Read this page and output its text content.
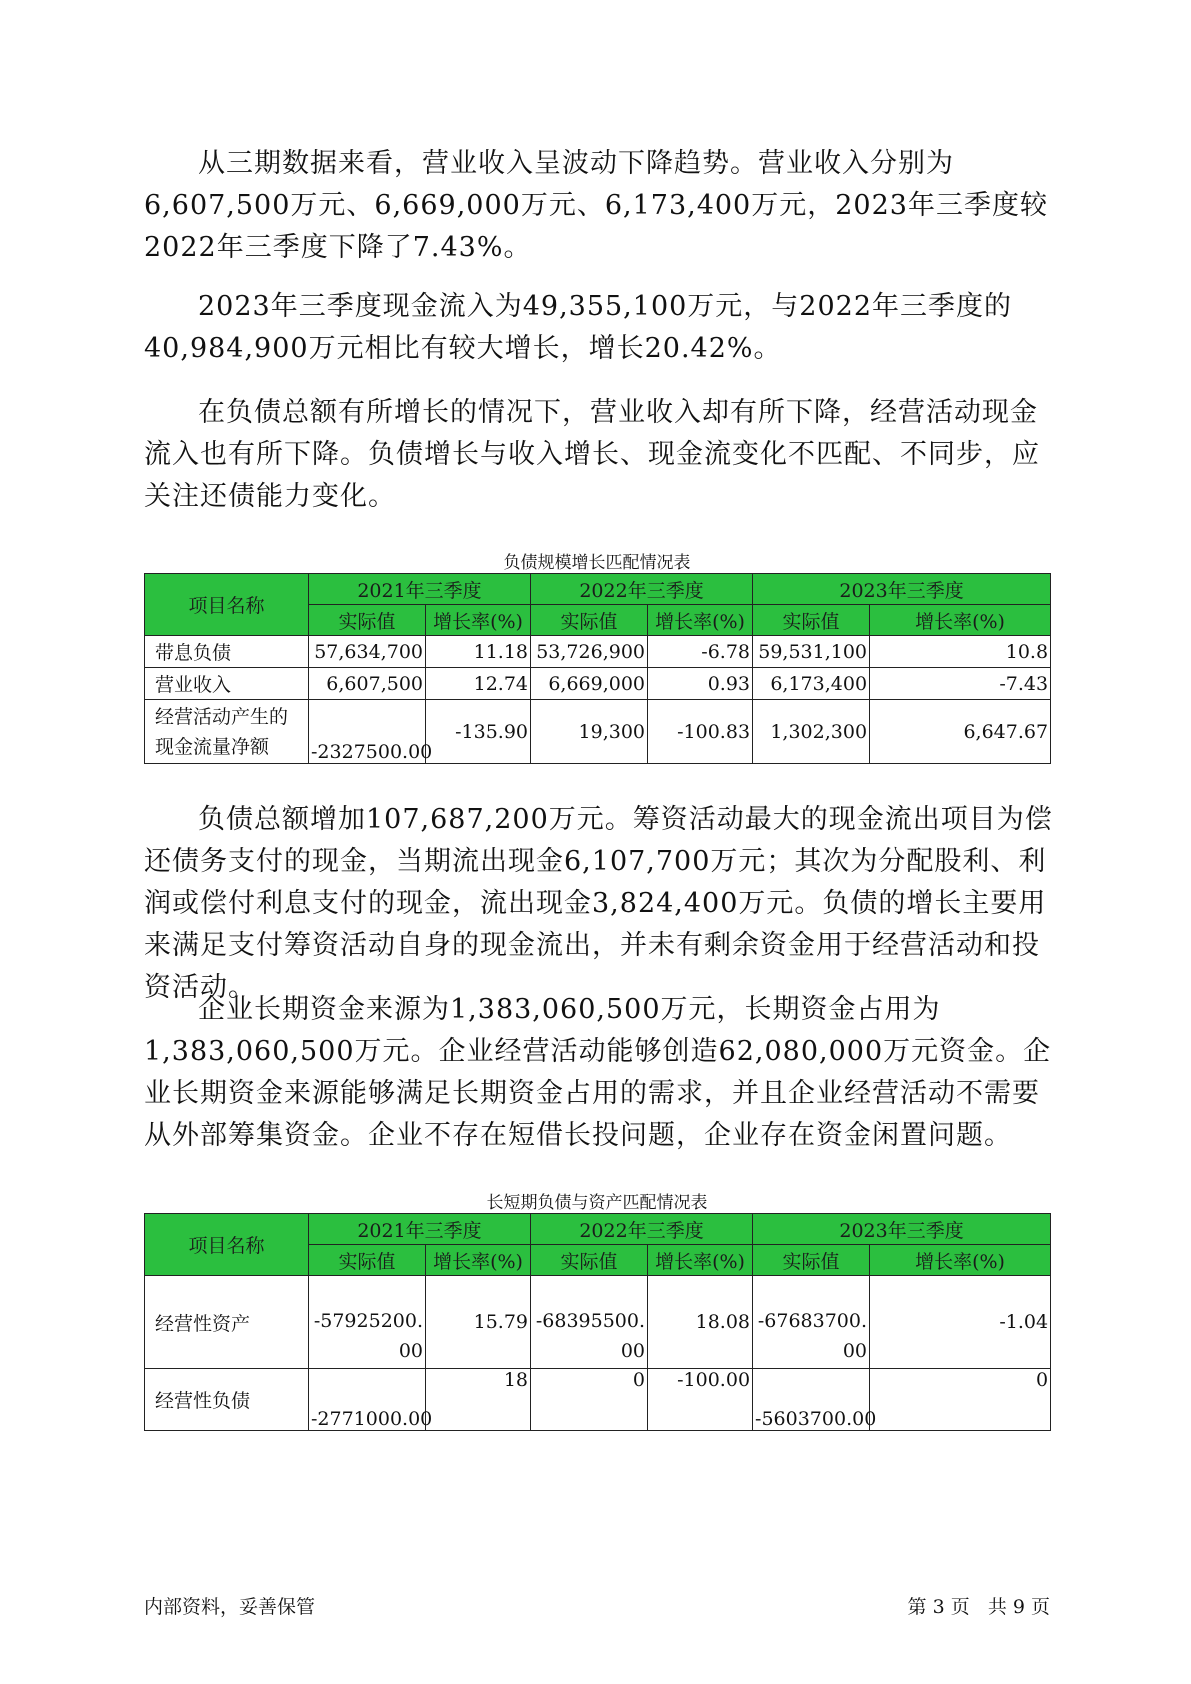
从三期数据来看，营业收入呈波动下降趋势。营业收入分别为6,607,500万元、6,669,000万元、6,173,400万元，2023年三季度较2022年三季度下降了7.43%。

2023年三季度现金流入为49,355,100万元，与2022年三季度的40,984,900万元相比有较大增长，增长20.42%。

在负债总额有所增长的情况下，营业收入却有所下降，经营活动现金流入也有所下降。负债增长与收入增长、现金流变化不匹配、不同步，应关注还债能力变化。

负债规模增长匹配情况表
项目名称	2021年三季度		2022年三季度		2023年三季度	
	实际值	增长率(%)	实际值	增长率(%)	实际值	增长率(%)
带息负债	57,634,700	11.18	53,726,900	-6.78	59,531,100	10.8
营业收入	6,607,500	12.74	6,669,000	0.93	6,173,400	-7.43
经营活动产生的现金流量净额	-2327500.00	-135.90	19,300	-100.83	1,302,300	6,647.67

负债总额增加107,687,200万元。筹资活动最大的现金流出项目为偿还债务支付的现金，当期流出现金6,107,700万元；其次为分配股利、利润或偿付利息支付的现金，流出现金3,824,400万元。负债的增长主要用来满足支付筹资活动自身的现金流出，并未有剩余资金用于经营活动和投资活动。

企业长期资金来源为1,383,060,500万元，长期资金占用为1,383,060,500万元。企业经营活动能够创造62,080,000万元资金。企业长期资金来源能够满足长期资金占用的需求，并且企业经营活动不需要从外部筹集资金。企业不存在短借长投问题，企业存在资金闲置问题。

长短期负债与资产匹配情况表
项目名称	2021年三季度		2022年三季度		2023年三季度	
	实际值	增长率(%)	实际值	增长率(%)	实际值	增长率(%)
经营性资产	-57925200.00	15.79	-68395500.00	18.08	-67683700.00	-1.04
经营性负债	-2771000.00	18	0	-100.00	-5603700.00	0
内部资料，妥善保管	第 3 页   共 9 页
